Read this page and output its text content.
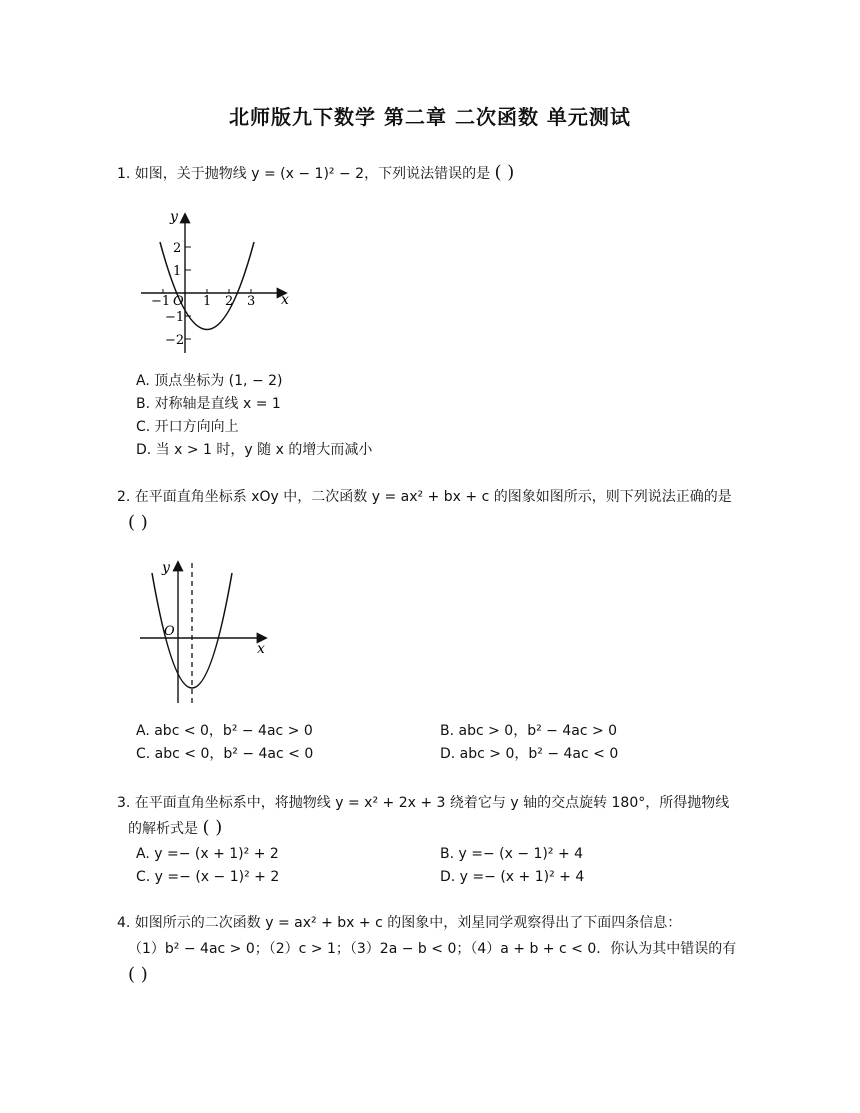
北师版九下数学 第二章 二次函数 单元测试
1. 如图，关于抛物线 y = (x − 1)² − 2，下列说法错误的是 ( )
y
x
O
−1	1 2 3
2
1
−1
−2
A. 顶点坐标为 (1, − 2)
B. 对称轴是直线 x = 1
C. 开口方向向上
D. 当 x > 1 时，y 随 x 的增大而减小
2. 在平面直角坐标系 xOy 中，二次函数 y = ax² + bx + c 的图象如图所示，则下列说法正确的是
( )
y
x
O
A. abc < 0，b² − 4ac > 0	B. abc > 0，b² − 4ac > 0
C. abc < 0，b² − 4ac < 0	D. abc > 0，b² − 4ac < 0
3. 在平面直角坐标系中，将抛物线 y = x² + 2x + 3 绕着它与 y 轴的交点旋转 180°，所得抛物线
的解析式是 ( )
A. y =− (x + 1)² + 2	B. y =− (x − 1)² + 4
C. y =− (x − 1)² + 2	D. y =− (x + 1)² + 4
4. 如图所示的二次函数 y = ax² + bx + c 的图象中，刘星同学观察得出了下面四条信息：
（1）b² − 4ac > 0；（2）c > 1；（3）2a − b < 0；（4）a + b + c < 0．你认为其中错误的有
( )
